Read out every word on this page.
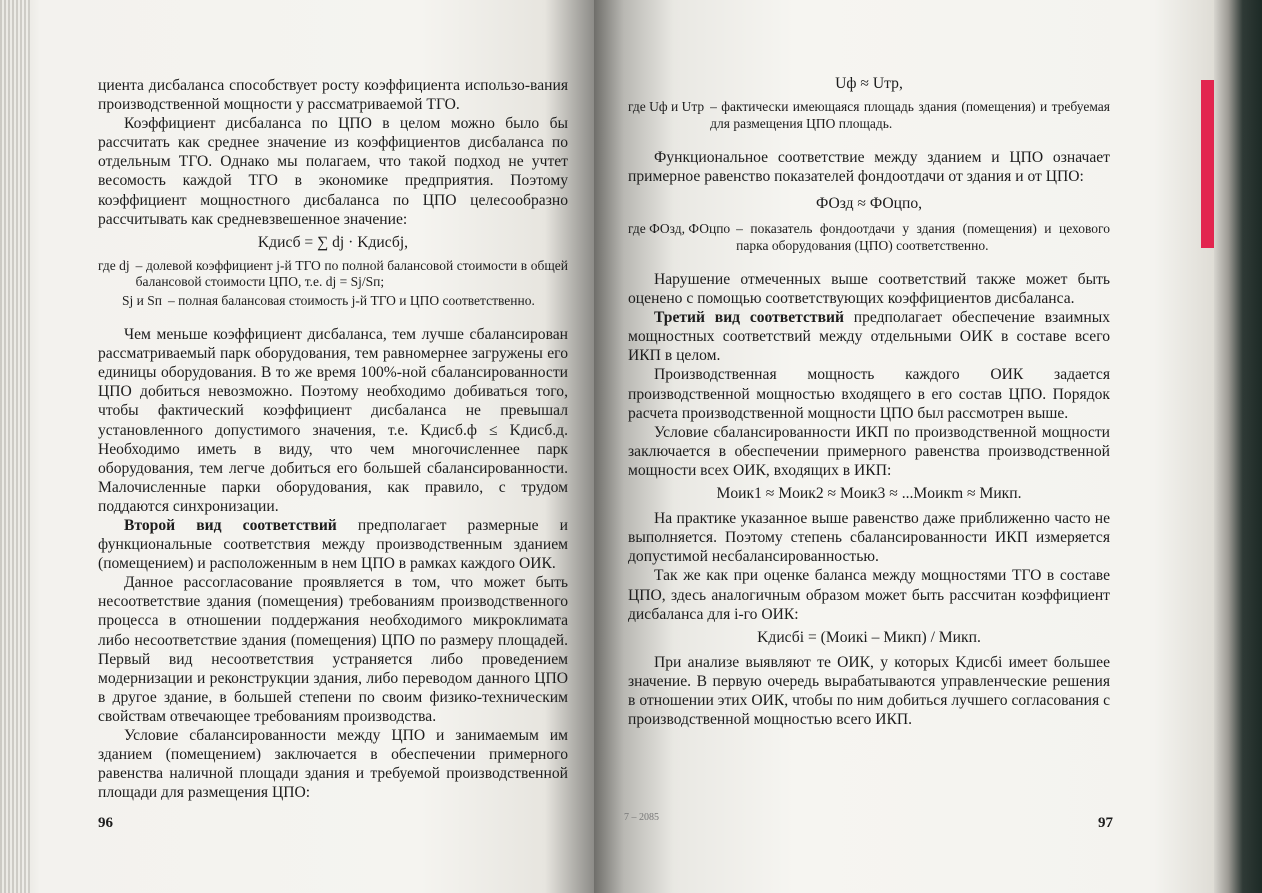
циента дисбаланса способствует росту коэффициента использо-вания производственной мощности у рассматриваемой ТГО.

Коэффициент дисбаланса по ЦПО в целом можно было бы рассчитать как среднее значение из коэффициентов дисбаланса по отдельным ТГО. Однако мы полагаем, что такой подход не учтет весомость каждой ТГО в экономике предприятия. Поэтому коэффициент мощностного дисбаланса по ЦПО целесообразно рассчитывать как средневзвешенное значение:

Kдисб = ∑ dj · Kдисбj,
где dj – долевой коэффициент j-й ТГО по полной балансовой стоимости в общей балансовой стоимости ЦПО, т.е. dj = Sj/Sп;
Sj и Sп – полная балансовая стоимость j-й ТГО и ЦПО соответственно.

Чем меньше коэффициент дисбаланса, тем лучше сбалансирован рассматриваемый парк оборудования, тем равномернее загружены его единицы оборудования. В то же время 100%-ной сбалансированности ЦПО добиться невозможно. Поэтому необходимо добиваться того, чтобы фактический коэффициент дисбаланса не превышал установленного допустимого значения, т.е. Kдисб.ф ≤ Kдисб.д. Необходимо иметь в виду, что чем многочисленнее парк оборудования, тем легче добиться его большей сбалансированности. Малочисленные парки оборудования, как правило, с трудом поддаются синхронизации.

Второй вид соответствий предполагает размерные и функциональные соответствия между производственным зданием (помещением) и расположенным в нем ЦПО в рамках каждого ОИК.

Данное рассогласование проявляется в том, что может быть несоответствие здания (помещения) требованиям производственного процесса в отношении поддержания необходимого микроклимата либо несоответствие здания (помещения) ЦПО по размеру площадей. Первый вид несоответствия устраняется либо проведением модернизации и реконструкции здания, либо переводом данного ЦПО в другое здание, в большей степени по своим физико-техническим свойствам отвечающее требованиям производства.

Условие сбалансированности между ЦПО и занимаемым им зданием (помещением) заключается в обеспечении примерного равенства наличной площади здания и требуемой производственной площади для размещения ЦПО:

96
Uф ≈ Uтр,
где Uф и Uтр – фактически имеющаяся площадь здания (помещения) и требуемая для размещения ЦПО площадь.

Функциональное соответствие между зданием и ЦПО означает примерное равенство показателей фондоотдачи от здания и от ЦПО:

ФОзд ≈ ФОцпо,
где ФОзд, ФОцпо – показатель фондоотдачи у здания (помещения) и цехового парка оборудования (ЦПО) соответственно.

Нарушение отмеченных выше соответствий также может быть оценено с помощью соответствующих коэффициентов дисбаланса.

Третий вид соответствий предполагает обеспечение взаимных мощностных соответствий между отдельными ОИК в составе всего ИКП в целом.

Производственная мощность каждого ОИК задается производственной мощностью входящего в его состав ЦПО. Порядок расчета производственной мощности ЦПО был рассмотрен выше.

Условие сбалансированности ИКП по производственной мощности заключается в обеспечении примерного равенства производственной мощности всех ОИК, входящих в ИКП:

Mоик1 ≈ Mоик2 ≈ Mоик3 ≈ ...Mоикm ≈ Mикп.

На практике указанное выше равенство даже приближенно часто не выполняется. Поэтому степень сбалансированности ИКП измеряется допустимой несбалансированностью.

Так же как при оценке баланса между мощностями ТГО в составе ЦПО, здесь аналогичным образом может быть рассчитан коэффициент дисбаланса для i-го ОИК:

Kдисбi = (Mоикi – Mикп) / Mикп.

При анализе выявляют те ОИК, у которых Kдисбi имеет большее значение. В первую очередь вырабатываются управленческие решения в отношении этих ОИК, чтобы по ним добиться лучшего согласования с производственной мощностью всего ИКП.

7 – 2085	97
